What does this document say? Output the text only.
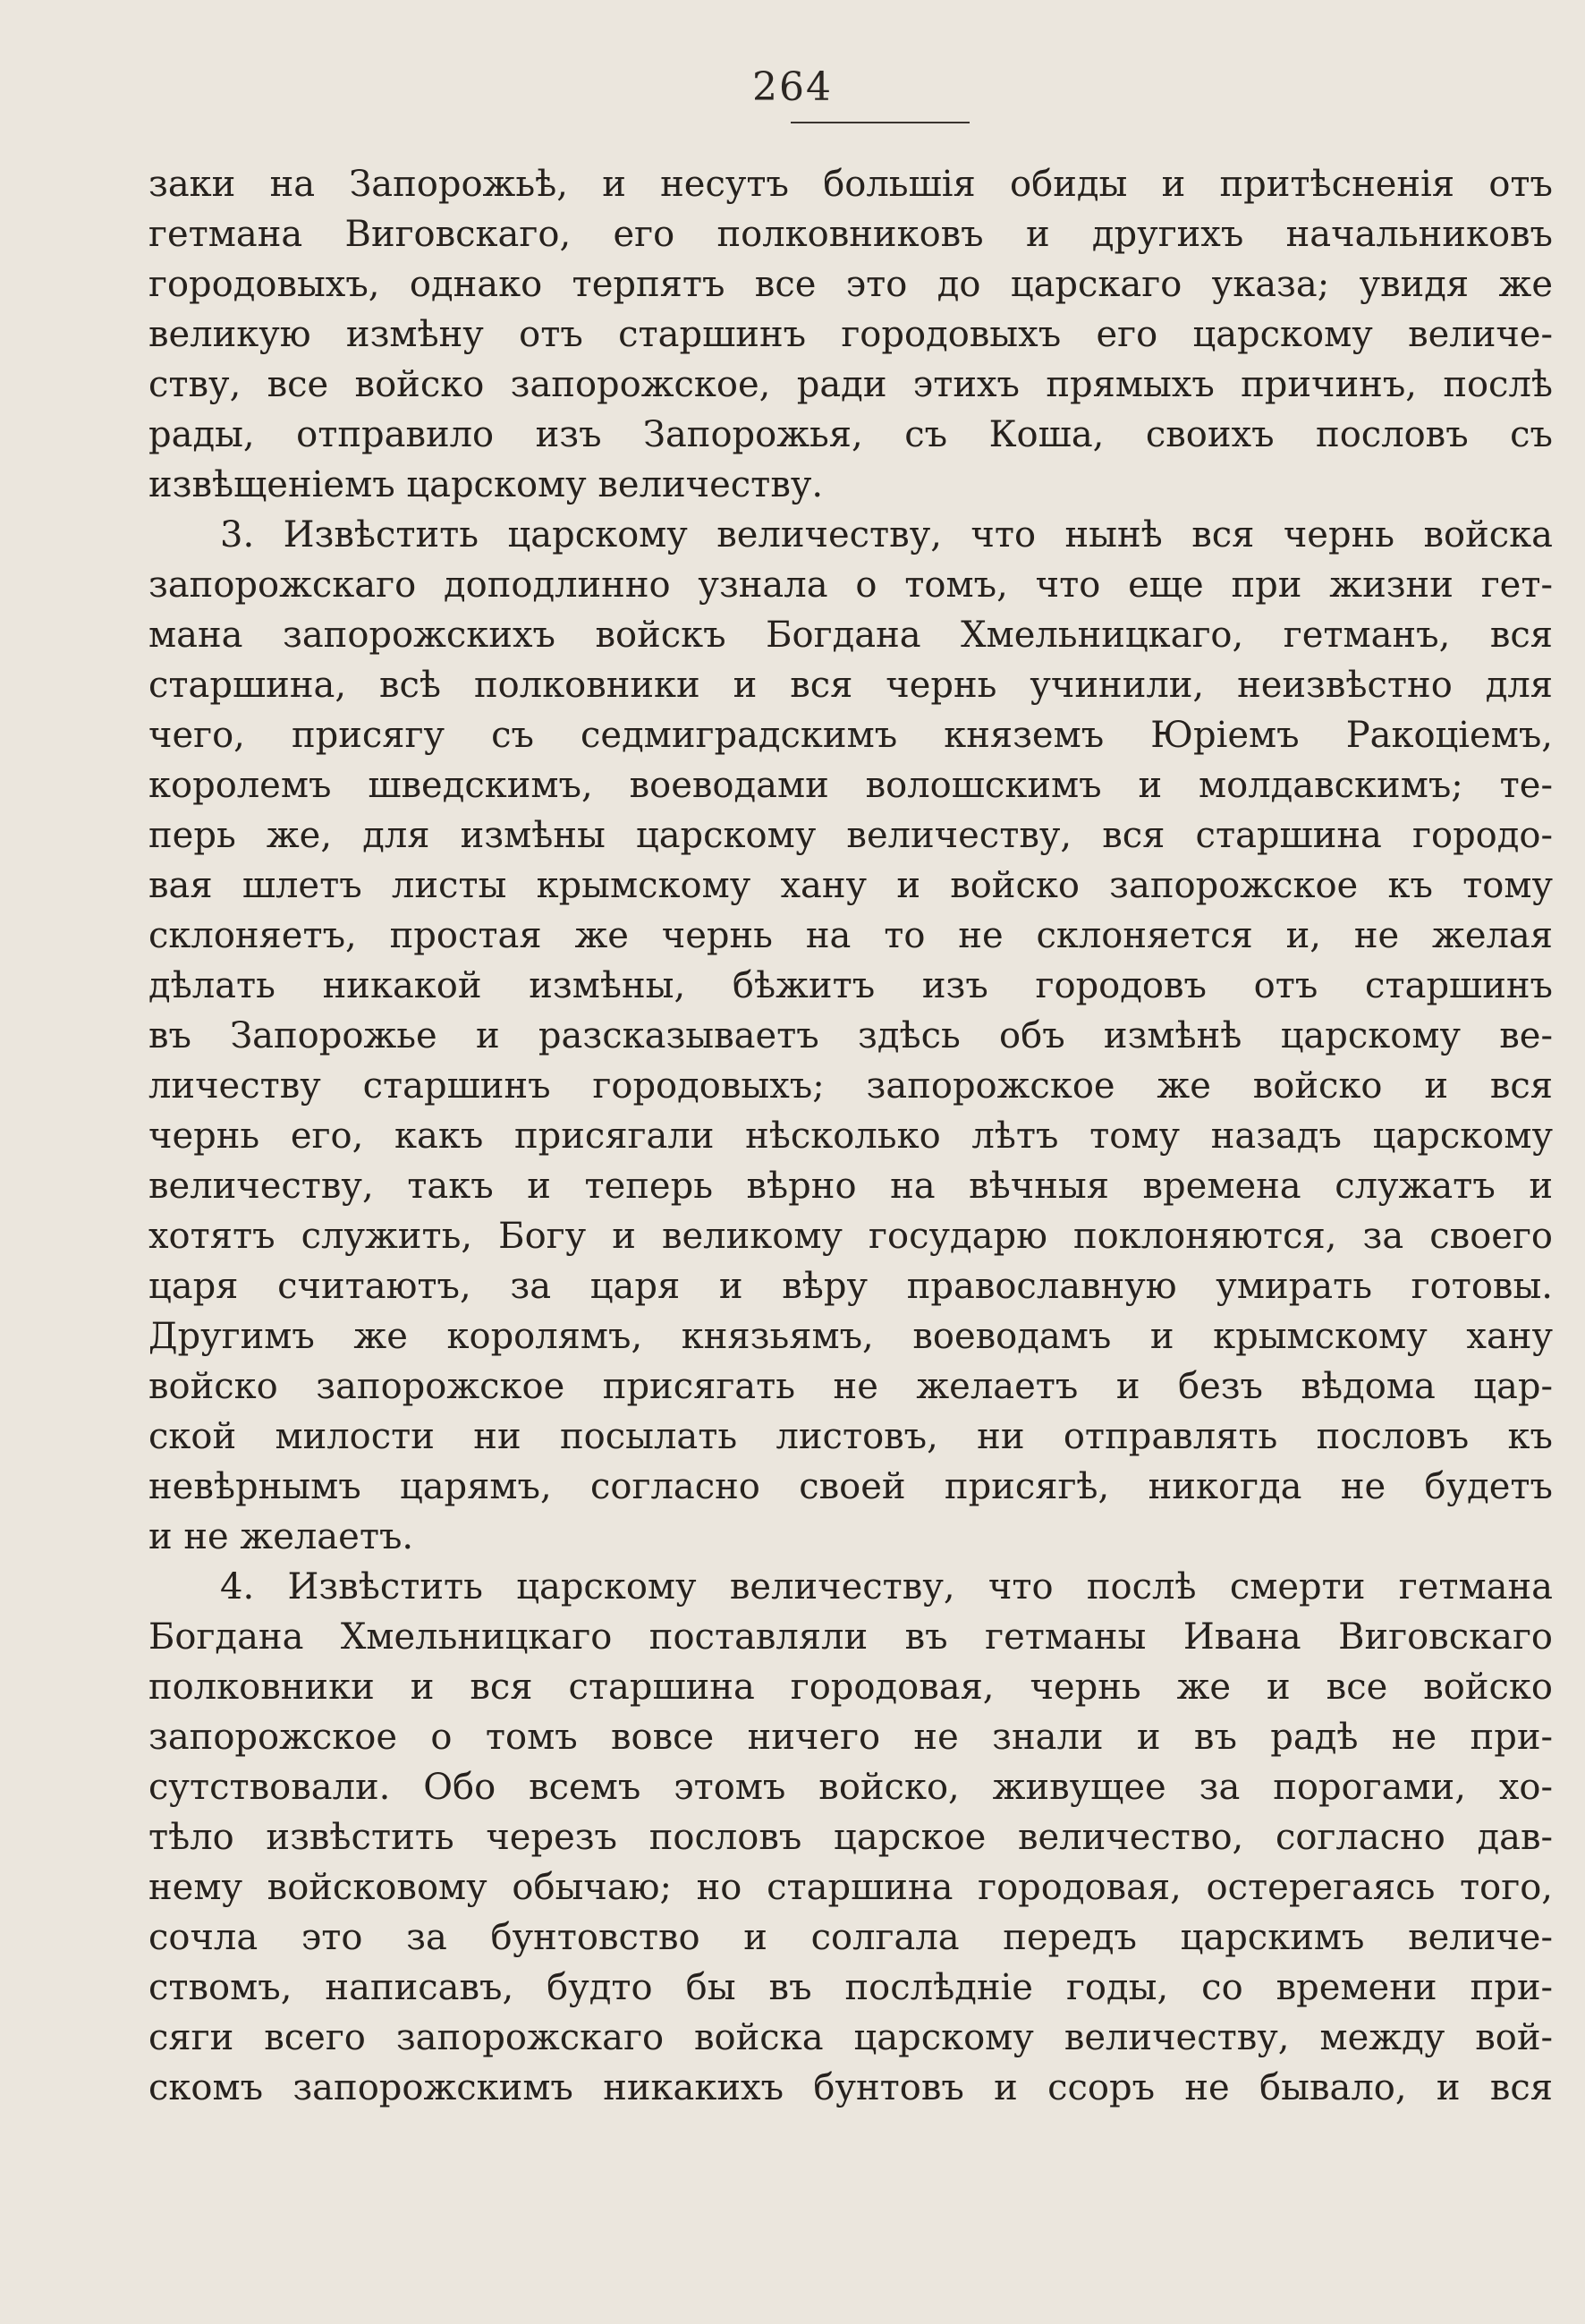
264
заки на Запорожьѣ, и несутъ большія обиды и притѣсненія отъ
гетмана Виговскаго, его полковниковъ и другихъ начальниковъ
городовыхъ, однако терпятъ все это до царскаго указа; увидя же
великую измѣну отъ старшинъ городовыхъ его царскому величе-
ству, все войско запорожское, ради этихъ прямыхъ причинъ, послѣ
рады, отправило изъ Запорожья, съ Коша, своихъ пословъ съ
извѣщеніемъ царскому величеству.
3. Извѣстить царскому величеству, что нынѣ вся чернь войска
запорожскаго доподлинно узнала о томъ, что еще при жизни гет-
мана запорожскихъ войскъ Богдана Хмельницкаго, гетманъ, вся
старшина, всѣ полковники и вся чернь учинили, неизвѣстно для
чего, присягу съ седмиградскимъ княземъ Юріемъ Ракоціемъ,
королемъ шведскимъ, воеводами волошскимъ и молдавскимъ; те-
перь же, для измѣны царскому величеству, вся старшина городо-
вая шлетъ листы крымскому хану и войско запорожское къ тому
склоняетъ, простая же чернь на то не склоняется и, не желая
дѣлать никакой измѣны, бѣжитъ изъ городовъ отъ старшинъ
въ Запорожье и разсказываетъ здѣсь объ измѣнѣ царскому ве-
личеству старшинъ городовыхъ; запорожское же войско и вся
чернь его, какъ присягали нѣсколько лѣтъ тому назадъ царскому
величеству, такъ и теперь вѣрно на вѣчныя времена служатъ и
хотятъ служить, Богу и великому государю поклоняются, за своего
царя считаютъ, за царя и вѣру православную умирать готовы.
Другимъ же королямъ, князьямъ, воеводамъ и крымскому хану
войско запорожское присягать не желаетъ и безъ вѣдома цар-
ской милости ни посылать листовъ, ни отправлять пословъ къ
невѣрнымъ царямъ, согласно своей присягѣ, никогда не будетъ
и не желаетъ.
4. Извѣстить царскому величеству, что послѣ смерти гетмана
Богдана Хмельницкаго поставляли въ гетманы Ивана Виговскаго
полковники и вся старшина городовая, чернь же и все войско
запорожское о томъ вовсе ничего не знали и въ радѣ не при-
сутствовали. Обо всемъ этомъ войско, живущее за порогами, хо-
тѣло извѣстить черезъ пословъ царское величество, согласно дав-
нему войсковому обычаю; но старшина городовая, остерегаясь того,
сочла это за бунтовство и солгала передъ царскимъ величе-
ствомъ, написавъ, будто бы въ послѣдніе годы, со времени при-
сяги всего запорожскаго войска царскому величеству, между вой-
скомъ запорожскимъ никакихъ бунтовъ и ссоръ не бывало, и вся
